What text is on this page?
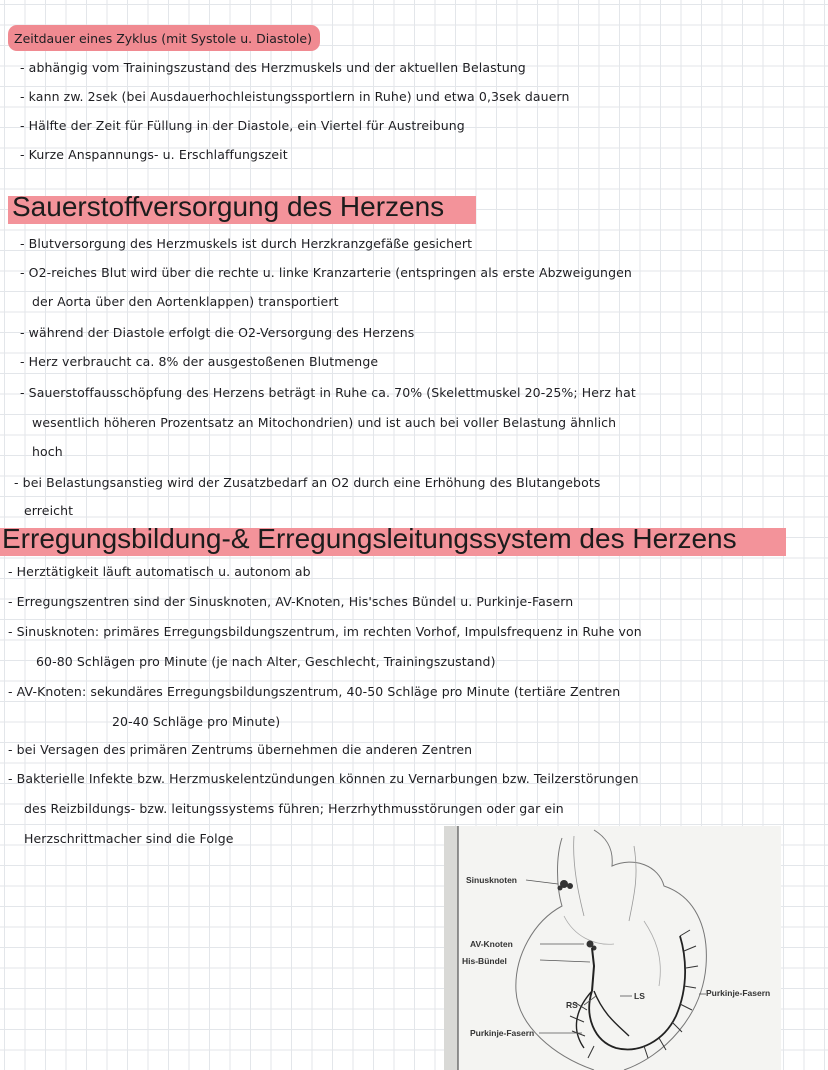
Zeitdauer eines Zyklus (mit Systole u. Diastole)
- abhängig vom Trainingszustand des Herzmuskels und der aktuellen Belastung
- kann zw. 2sek (bei Ausdauerhochleistungssportlern in Ruhe) und etwa 0,3sek dauern
- Hälfte der Zeit für Füllung in der Diastole, ein Viertel für Austreibung
- Kurze Anspannungs- u. Erschlaffungszeit
Sauerstoffversorgung des Herzens
- Blutversorgung des Herzmuskels ist durch Herzkranzgefäße gesichert
- O2-reiches Blut wird über die rechte u. linke Kranzarterie (entspringen als erste Abzweigungen
der Aorta über den Aortenklappen) transportiert
- während der Diastole erfolgt die O2-Versorgung des Herzens
- Herz verbraucht ca. 8% der ausgestoßenen Blutmenge
- Sauerstoffausschöpfung des Herzens beträgt in Ruhe ca. 70% (Skelettmuskel 20-25%; Herz hat
wesentlich höheren Prozentsatz an Mitochondrien) und ist auch bei voller Belastung ähnlich
hoch
- bei Belastungsanstieg wird der Zusatzbedarf an O2 durch eine Erhöhung des Blutangebots
erreicht
Erregungsbildung-& Erregungsleitungssystem des Herzens
- Herztätigkeit läuft automatisch u. autonom ab
- Erregungszentren sind der Sinusknoten, AV-Knoten, His'sches Bündel u. Purkinje-Fasern
- Sinusknoten: primäres Erregungsbildungszentrum, im rechten Vorhof, Impulsfrequenz in Ruhe von
60-80 Schlägen pro Minute (je nach Alter, Geschlecht, Trainingszustand)
- AV-Knoten: sekundäres Erregungsbildungszentrum, 40-50 Schläge pro Minute (tertiäre Zentren
20-40 Schläge pro Minute)
- bei Versagen des primären Zentrums übernehmen die anderen Zentren
- Bakterielle Infekte bzw. Herzmuskelentzündungen können zu Vernarbungen bzw. Teilzerstörungen
des Reizbildungs- bzw. leitungssystems führen; Herzrhythmusstörungen oder gar ein
Herzschrittmacher sind die Folge
Sinusknoten
AV-Knoten
His-Bündel
RS
LS	Purkinje-Fasern
Purkinje-Fasern
